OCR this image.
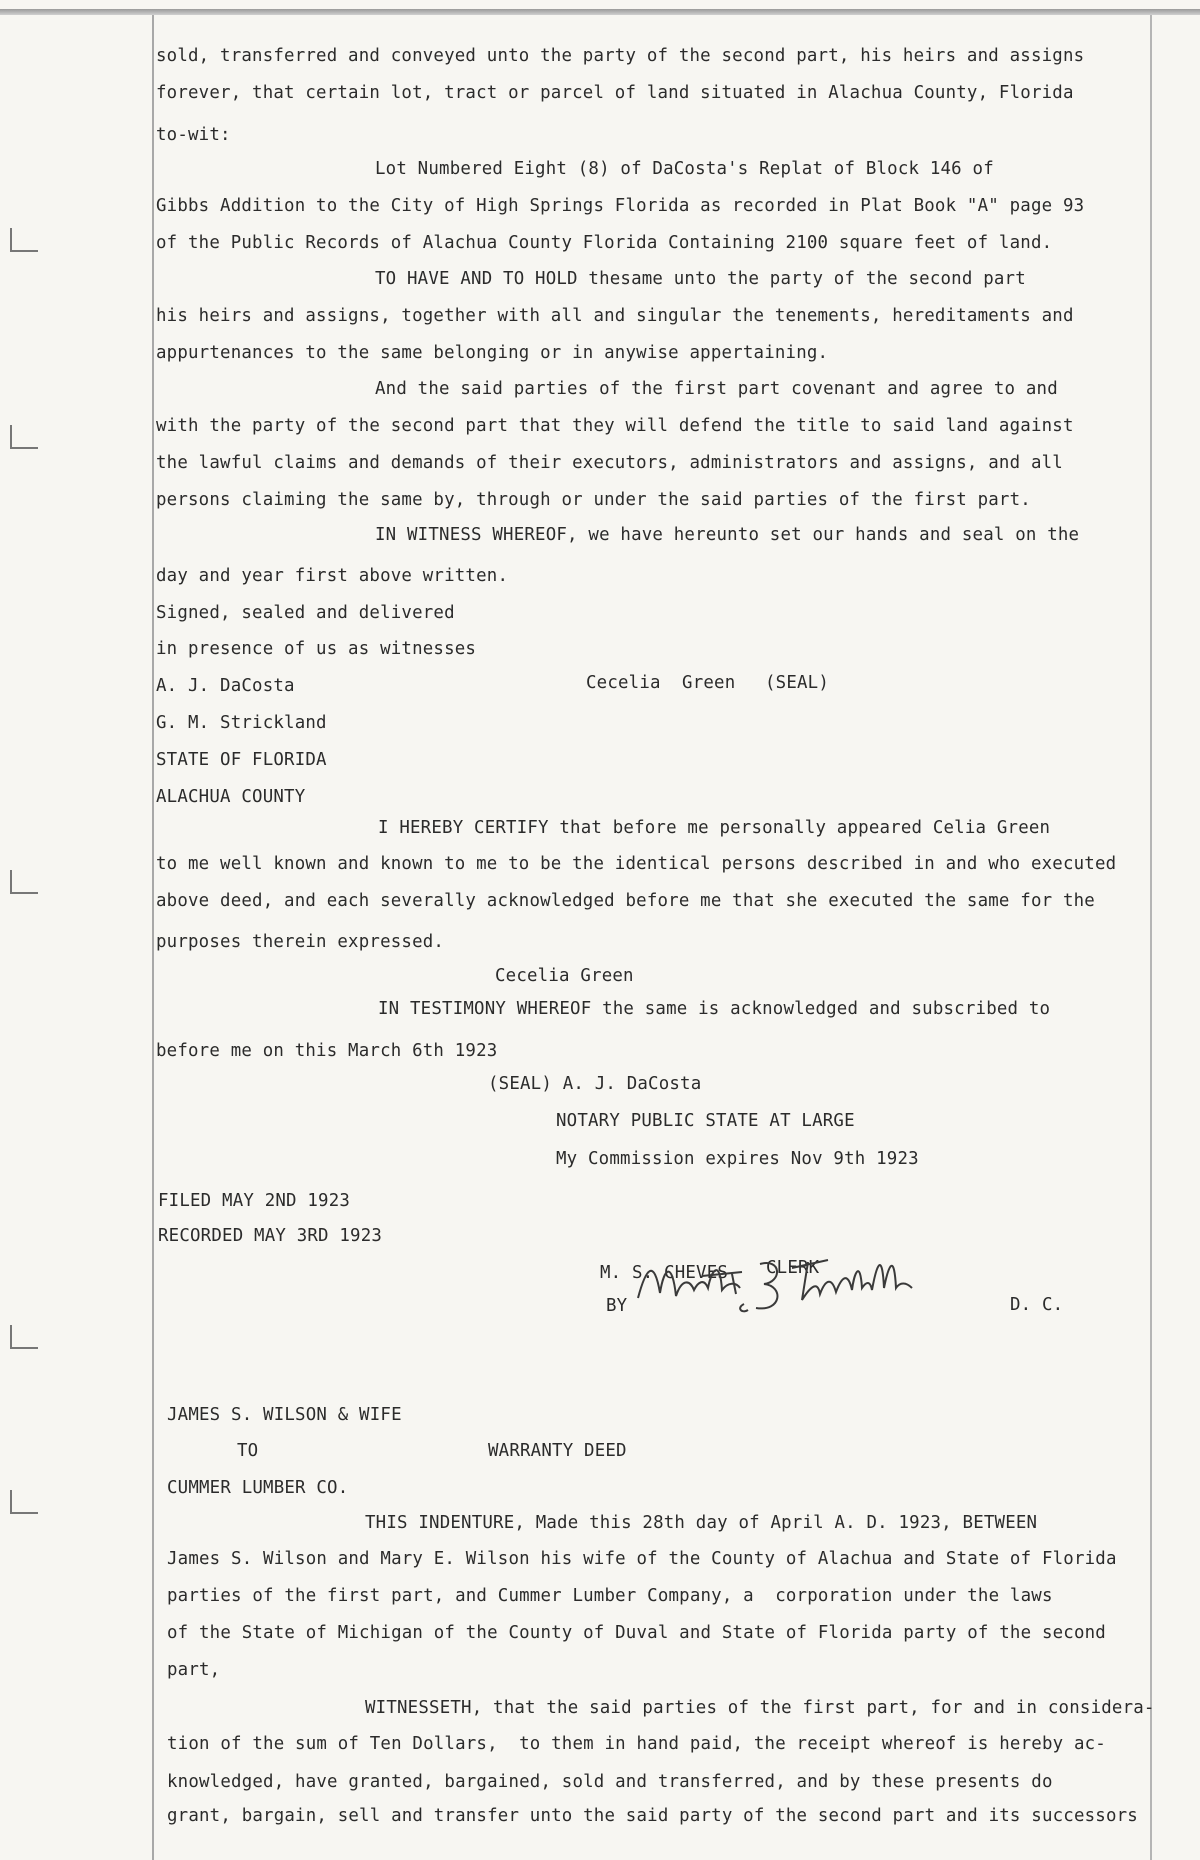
sold, transferred and conveyed unto the party of the second part, his heirs and assigns
forever, that certain lot, tract or parcel of land situated in Alachua County, Florida
to-wit:
Lot Numbered Eight (8) of DaCosta's Replat of Block 146 of
Gibbs Addition to the City of High Springs Florida as recorded in Plat Book "A" page 93
of the Public Records of Alachua County Florida Containing 2100 square feet of land.
TO HAVE AND TO HOLD thesame unto the party of the second part
his heirs and assigns, together with all and singular the tenements, hereditaments and
appurtenances to the same belonging or in anywise appertaining.
And the said parties of the first part covenant and agree to and
with the party of the second part that they will defend the title to said land against
the lawful claims and demands of their executors, administrators and assigns, and all
persons claiming the same by, through or under the said parties of the first part.
IN WITNESS WHEREOF, we have hereunto set our hands and seal on the
day and year first above written.
Signed, sealed and delivered
in presence of us as witnesses
A. J. DaCosta	Cecelia  Green (SEAL)
G. M. Strickland
STATE OF FLORIDA
ALACHUA COUNTY
I HEREBY CERTIFY that before me personally appeared Celia Green
to me well known and known to me to be the identical persons described in and who executed
above deed, and each severally acknowledged before me that she executed the same for the
purposes therein expressed.
Cecelia Green
IN TESTIMONY WHEREOF the same is acknowledged and subscribed to
before me on this March 6th 1923
(SEAL) A. J. DaCosta
NOTARY PUBLIC STATE AT LARGE
My Commission expires Nov 9th 1923
FILED MAY 2ND 1923
RECORDED MAY 3RD 1923
M. S. CHEVES CLERK
BY	D. C.
JAMES S. WILSON & WIFE
TO	WARRANTY DEED
CUMMER LUMBER CO.
THIS INDENTURE, Made this 28th day of April A. D. 1923, BETWEEN
James S. Wilson and Mary E. Wilson his wife of the County of Alachua and State of Florida
parties of the first part, and Cummer Lumber Company, a  corporation under the laws
of the State of Michigan of the County of Duval and State of Florida party of the second
part,
WITNESSETH, that the said parties of the first part, for and in considera-
tion of the sum of Ten Dollars,  to them in hand paid, the receipt whereof is hereby ac-
knowledged, have granted, bargained, sold and transferred, and by these presents do
grant, bargain, sell and transfer unto the said party of the second part and its successors
